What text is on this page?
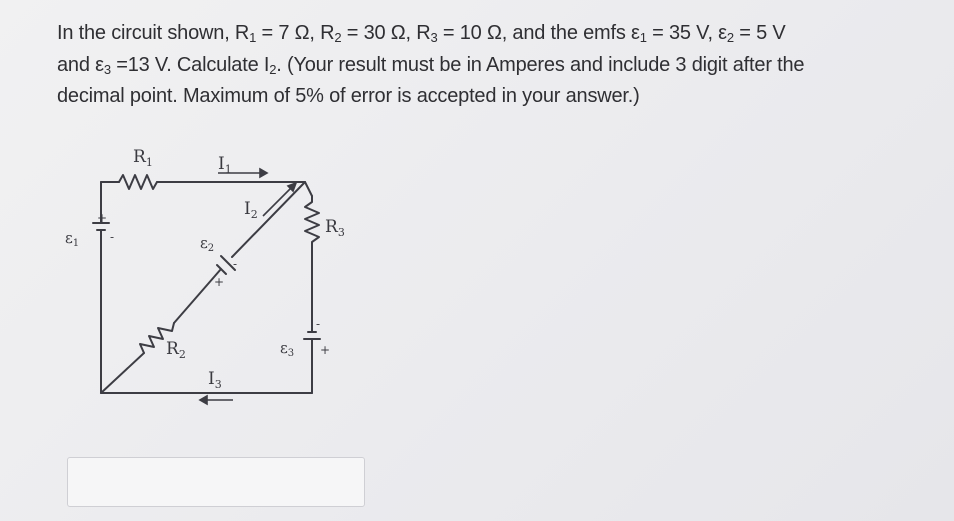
In the circuit shown, $R_1 = 7$ Ω, $R_2 = 30$ Ω, $R_3 = 10$ Ω, and the emfs $\varepsilon_1 = 35$ V, $\varepsilon_2 = 5$ V
and $\varepsilon_3 =13$ V. Calculate $I_2$. (Your result must be in Amperes and include 3 digit after the
decimal point. Maximum of 5% of error is accepted in your answer.)
$R_1$	$I_1$
$I_2$
$R_3$
$\varepsilon_1$
+
-	$\varepsilon_2$
-
+
$R_2$	$\varepsilon_3$
-
+
$I_3$
